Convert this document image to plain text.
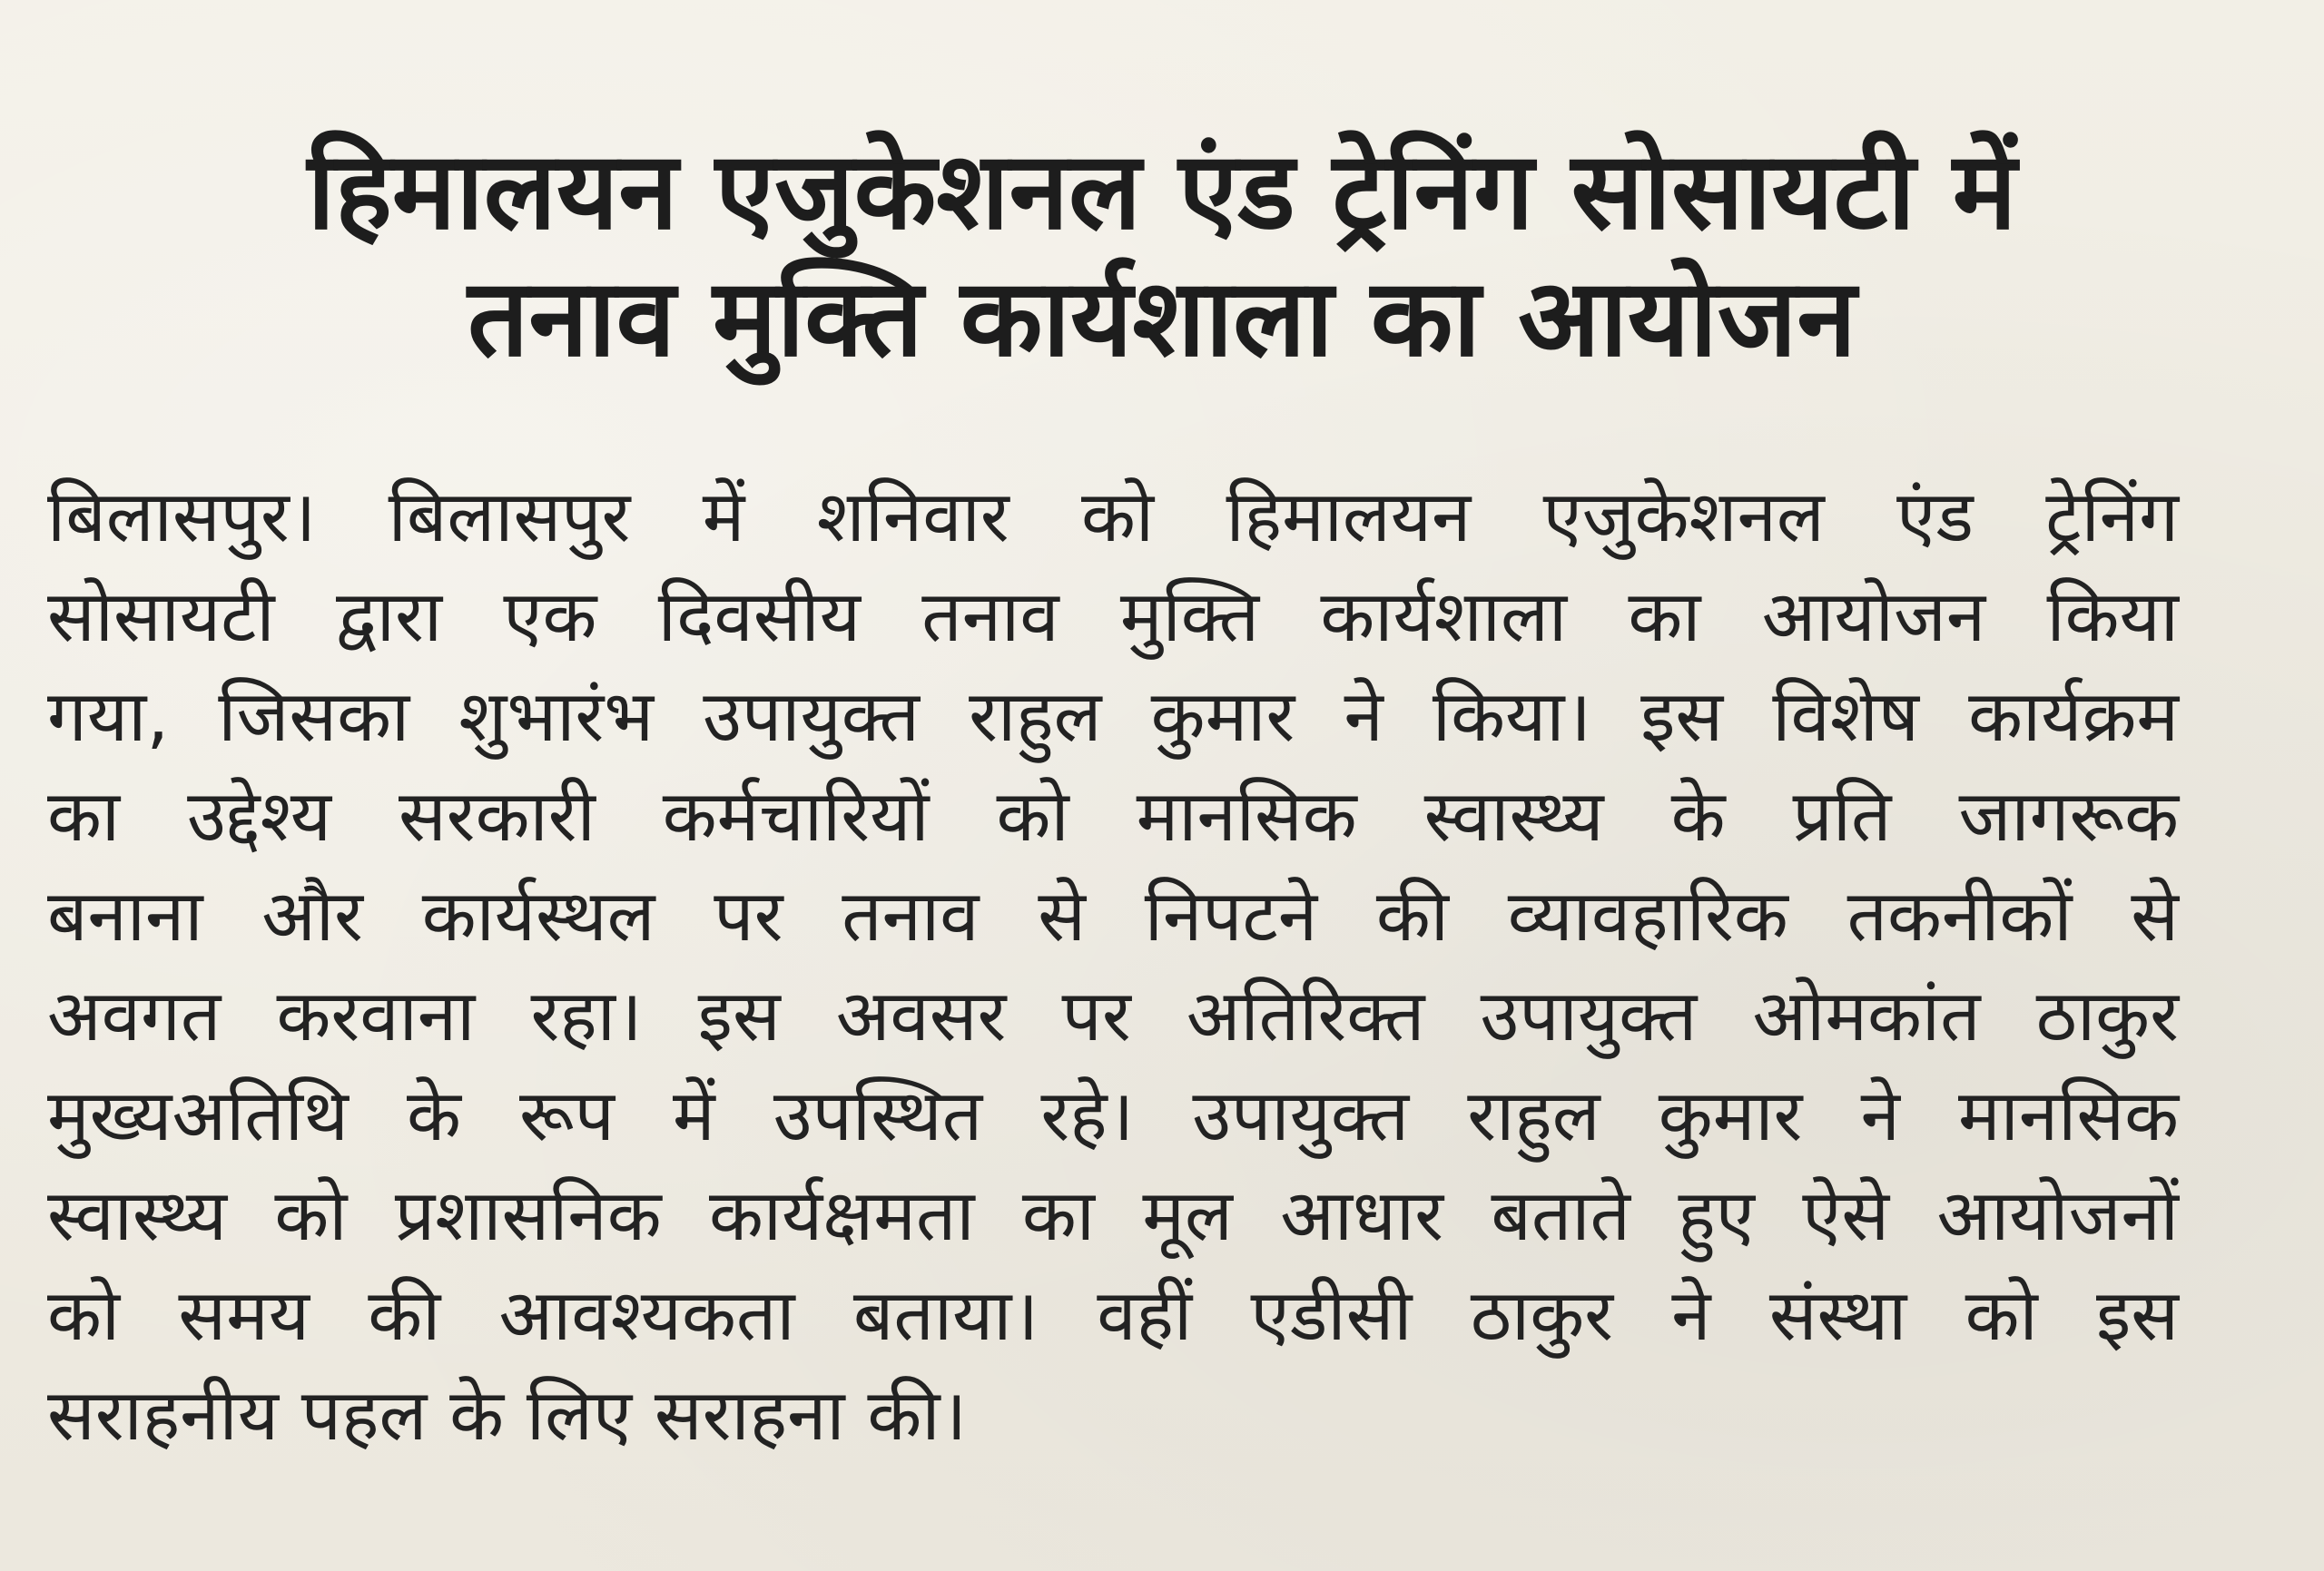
हिमालयन एजुकेशनल एंड ट्रेनिंग सोसायटी में
तनाव मुक्ति कार्यशाला का आयोजन
बिलासपुर। बिलासपुर में शनिवार को हिमालयन एजुकेशनल एंड ट्रेनिंग
सोसायटी द्वारा एक दिवसीय तनाव मुक्ति कार्यशाला का आयोजन किया
गया, जिसका शुभारंभ उपायुक्त राहुल कुमार ने किया। इस विशेष कार्यक्रम
का उद्देश्य सरकारी कर्मचारियों को मानसिक स्वास्थ्य के प्रति जागरूक
बनाना और कार्यस्थल पर तनाव से निपटने की व्यावहारिक तकनीकों से
अवगत करवाना रहा। इस अवसर पर अतिरिक्त उपायुक्त ओमकांत ठाकुर
मुख्यअतिथि के रूप में उपस्थित रहे। उपायुक्त राहुल कुमार ने मानसिक
स्वास्थ्य को प्रशासनिक कार्यक्षमता का मूल आधार बताते हुए ऐसे आयोजनों
को समय की आवश्यकता बताया। वहीं एडीसी ठाकुर ने संस्था को इस
सराहनीय पहल के लिए सराहना की।
